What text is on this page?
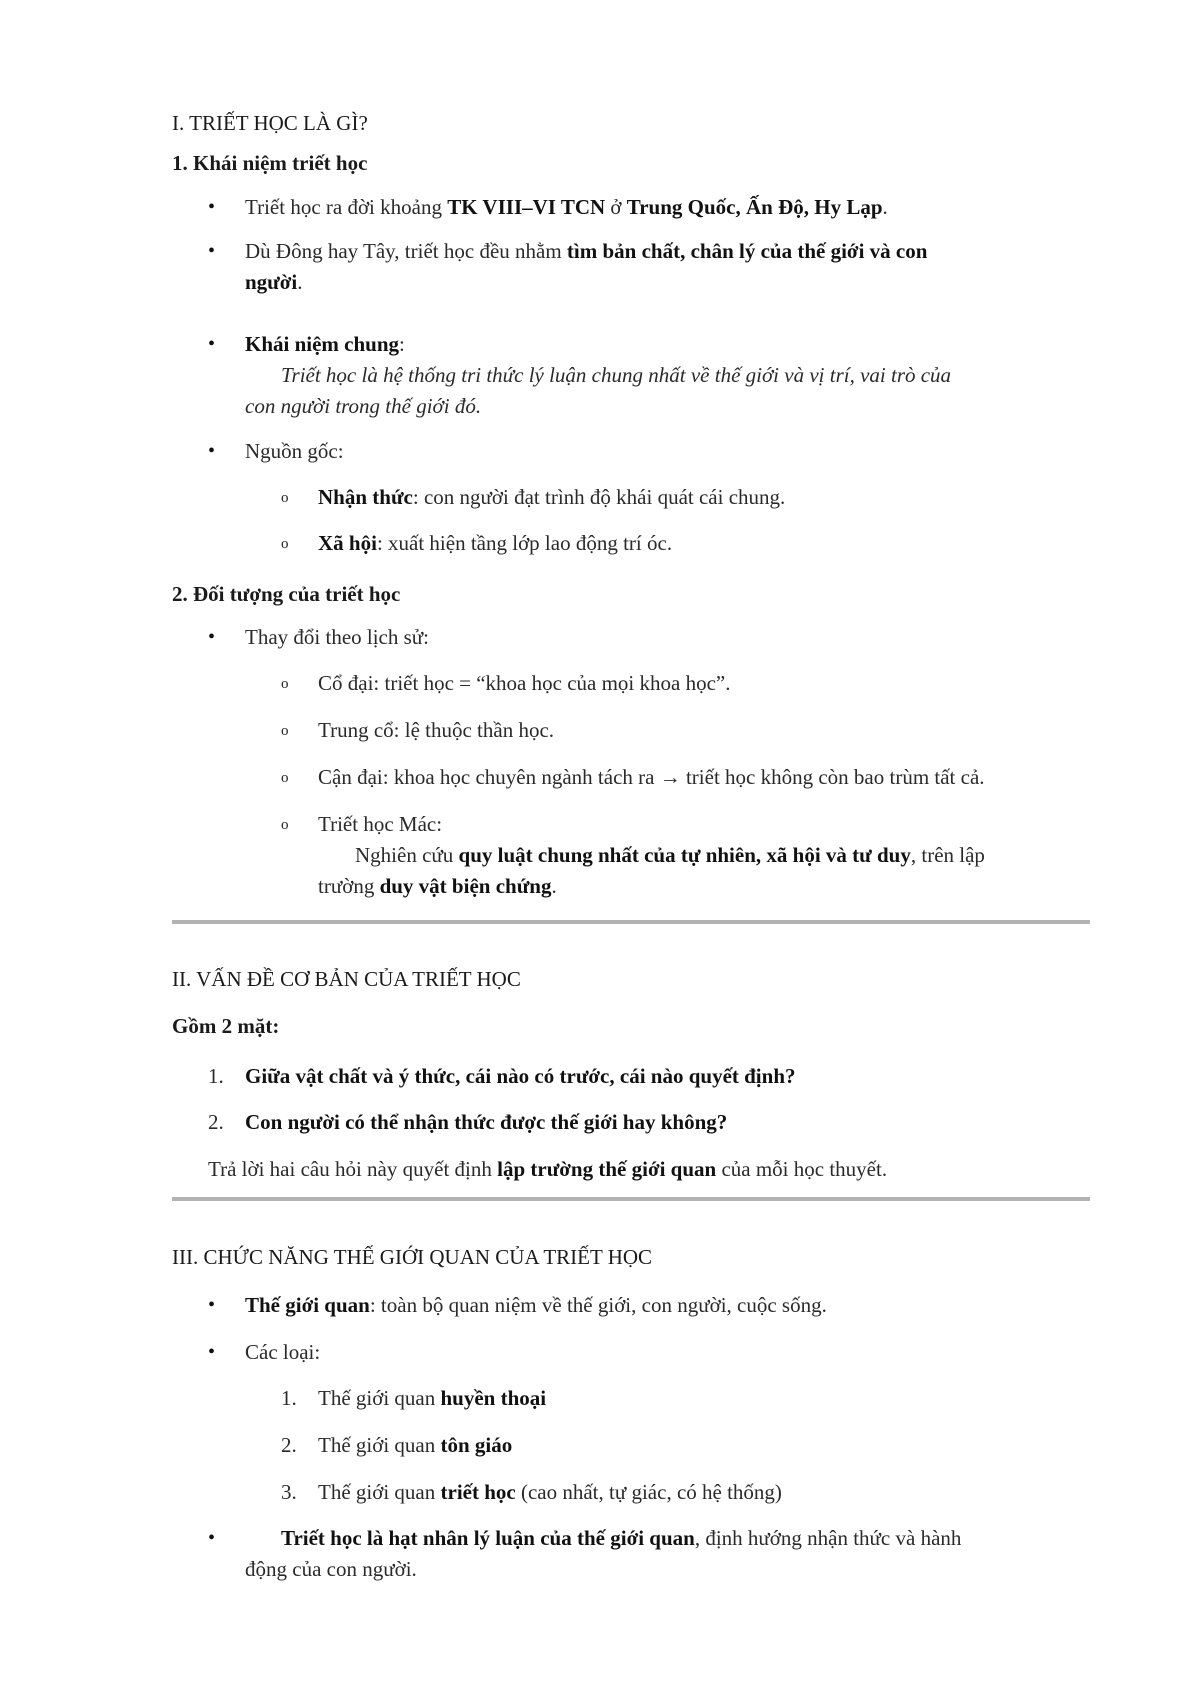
I. TRIẾT HỌC LÀ GÌ?
1. Khái niệm triết học
•	Triết học ra đời khoảng TK VIII–VI TCN ở Trung Quốc, Ấn Độ, Hy Lạp.

•	Dù Đông hay Tây, triết học đều nhằm tìm bản chất, chân lý của thế giới và con

người.

•	Khái niệm chung:

Triết học là hệ thống tri thức lý luận chung nhất về thế giới và vị trí, vai trò của

con người trong thế giới đó.

•	Nguồn gốc:

o	Nhận thức: con người đạt trình độ khái quát cái chung.

o	Xã hội: xuất hiện tầng lớp lao động trí óc.

2. Đối tượng của triết học
•	Thay đổi theo lịch sử:

o	Cổ đại: triết học = “khoa học của mọi khoa học”.

o	Trung cổ: lệ thuộc thần học.

o	Cận đại: khoa học chuyên ngành tách ra → triết học không còn bao trùm tất cả.

o	Triết học Mác:

Nghiên cứu quy luật chung nhất của tự nhiên, xã hội và tư duy, trên lập

trường duy vật biện chứng.

II. VẤN ĐỀ CƠ BẢN CỦA TRIẾT HỌC
Gồm 2 mặt:
1.	Giữa vật chất và ý thức, cái nào có trước, cái nào quyết định?

2.	Con người có thể nhận thức được thế giới hay không?

Trả lời hai câu hỏi này quyết định lập trường thế giới quan của mỗi học thuyết.

III. CHỨC NĂNG THẾ GIỚI QUAN CỦA TRIẾT HỌC
•	Thế giới quan: toàn bộ quan niệm về thế giới, con người, cuộc sống.

•	Các loại:

1.	Thế giới quan huyền thoại

2.	Thế giới quan tôn giáo

3.	Thế giới quan triết học (cao nhất, tự giác, có hệ thống)

•	Triết học là hạt nhân lý luận của thế giới quan, định hướng nhận thức và hành

động của con người.
